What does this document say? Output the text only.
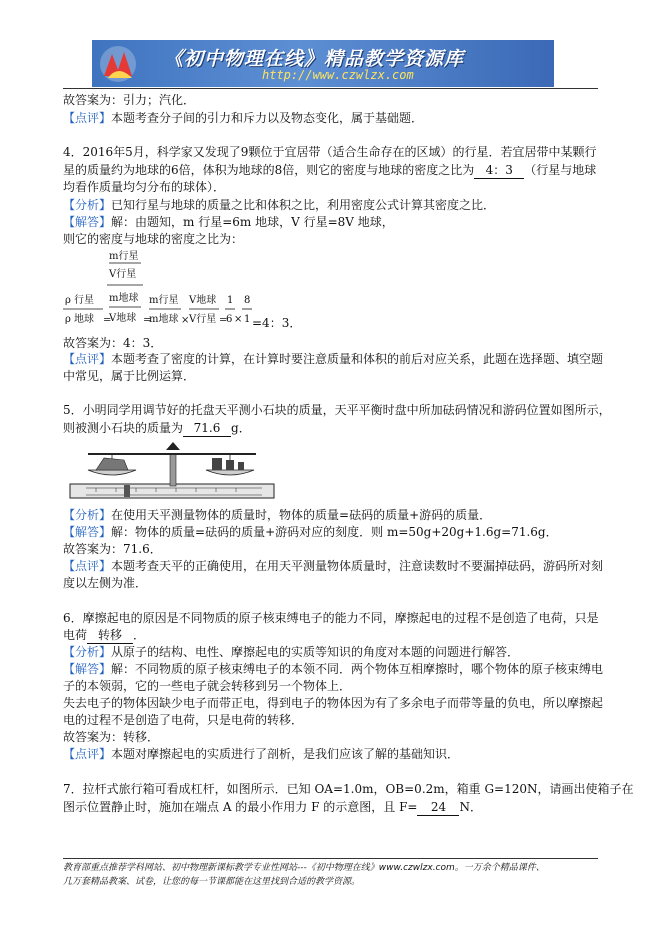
《初中物理在线》精品教学资源库
http://www.czwlzx.com
故答案为：引力；汽化．
【点评】本题考查分子间的引力和斥力以及物态变化，属于基础题．
4．2016年5月，科学家又发现了9颗位于宜居带（适合生命存在的区域）的行星．若宜居带中某颗行
星的质量约为地球的6倍，体积为地球的8倍，则它的密度与地球的密度之比为 4：3 （行星与地球
均看作质量均匀分布的球体）．
【分析】已知行星与地球的质量之比和体积之比，利用密度公式计算其密度之比．
【解答】解：由题知，m 行星=6m 地球，V 行星=8V 地球，
则它的密度与地球的密度之比为：
ρ 行星
ρ 地球 =
m行星
V行星
m地球
V地球 =
m行星
m地球 ×
V地球
V行星 =
1
6 ×
8
1 =4：3．
故答案为：4：3．
【点评】本题考查了密度的计算，在计算时要注意质量和体积的前后对应关系，此题在选择题、填空题
中常见，属于比例运算．
5．小明同学用调节好的托盘天平测小石块的质量，天平平衡时盘中所加砝码情况和游码位置如图所示，
则被测小石块的质量为 71.6 g．
【分析】在使用天平测量物体的质量时，物体的质量=砝码的质量+游码的质量．
【解答】解：物体的质量=砝码的质量+游码对应的刻度．则 m=50g+20g+1.6g=71.6g．
故答案为：71.6．
【点评】本题考查天平的正确使用，在用天平测量物体质量时，注意读数时不要漏掉砝码，游码所对刻
度以左侧为准．
6．摩擦起电的原因是不同物质的原子核束缚电子的能力不同，摩擦起电的过程不是创造了电荷，只是
电荷 转移 ．
【分析】从原子的结构、电性、摩擦起电的实质等知识的角度对本题的问题进行解答．
【解答】解：不同物质的原子核束缚电子的本领不同．两个物体互相摩擦时，哪个物体的原子核束缚电
子的本领弱，它的一些电子就会转移到另一个物体上．
失去电子的物体因缺少电子而带正电，得到电子的物体因为有了多余电子而带等量的负电，所以摩擦起
电的过程不是创造了电荷，只是电荷的转移．
故答案为：转移．
【点评】本题对摩擦起电的实质进行了剖析，是我们应该了解的基础知识．
7．拉杆式旅行箱可看成杠杆，如图所示．已知 OA=1.0m，OB=0.2m，箱重 G=120N，请画出使箱子在
图示位置静止时，施加在端点 A 的最小作用力 F 的示意图，且 F= 24 N．
教育部重点推荐学科网站、初中物理新课标教学专业性网站---《初中物理在线》www.czwlzx.com。一万余个精品课件、
几万套精品教案、试卷，让您的每一节课都能在这里找到合适的教学资源。
